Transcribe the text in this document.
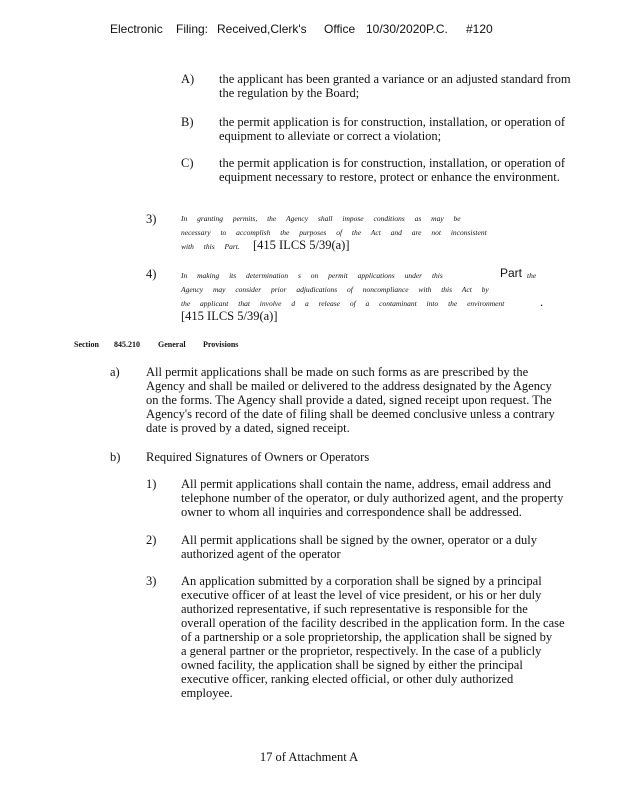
Electronic Filing: Received,Clerk's Office 10/30/2020P.C. #120
A) the applicant has been granted a variance or an adjusted standard from the regulation by the Board;
B) the permit application is for construction, installation, or operation of equipment to alleviate or correct a violation;
C) the permit application is for construction, installation, or operation of equipment necessary to restore, protect or enhance the environment.
3)	In granting permits, the Agency shall impose conditions as may be
necessary to accomplish the purposes of the Act and are not inconsistent
with this Part. [415 ILCS 5/39(a)]
4)	In making its determination s on permit applications under this	Part the
Agency may consider prior adjudications of noncompliance with this Act by
the applicant that involve d a release of a contaminant into the environment	.
[415 ILCS 5/39(a)]
Section 845.210 General Provisions
a) All permit applications shall be made on such forms as are prescribed by the
Agency and shall be mailed or delivered to the address designated by the Agency
on the forms. The Agency shall provide a dated, signed receipt upon request. The
Agency's record of the date of filing shall be deemed conclusive unless a contrary
date is proved by a dated, signed receipt.
b) Required Signatures of Owners or Operators
1) All permit applications shall contain the name, address, email address and
telephone number of the operator, or duly authorized agent, and the property
owner to whom all inquiries and correspondence shall be addressed.
2) All permit applications shall be signed by the owner, operator or a duly
authorized agent of the operator
3) An application submitted by a corporation shall be signed by a principal
executive officer of at least the level of vice president, or his or her duly
authorized representative, if such representative is responsible for the
overall operation of the facility described in the application form. In the case
of a partnership or a sole proprietorship, the application shall be signed by
a general partner or the proprietor, respectively. In the case of a publicly
owned facility, the application shall be signed by either the principal
executive officer, ranking elected official, or other duly authorized
employee.
17 of Attachment A
